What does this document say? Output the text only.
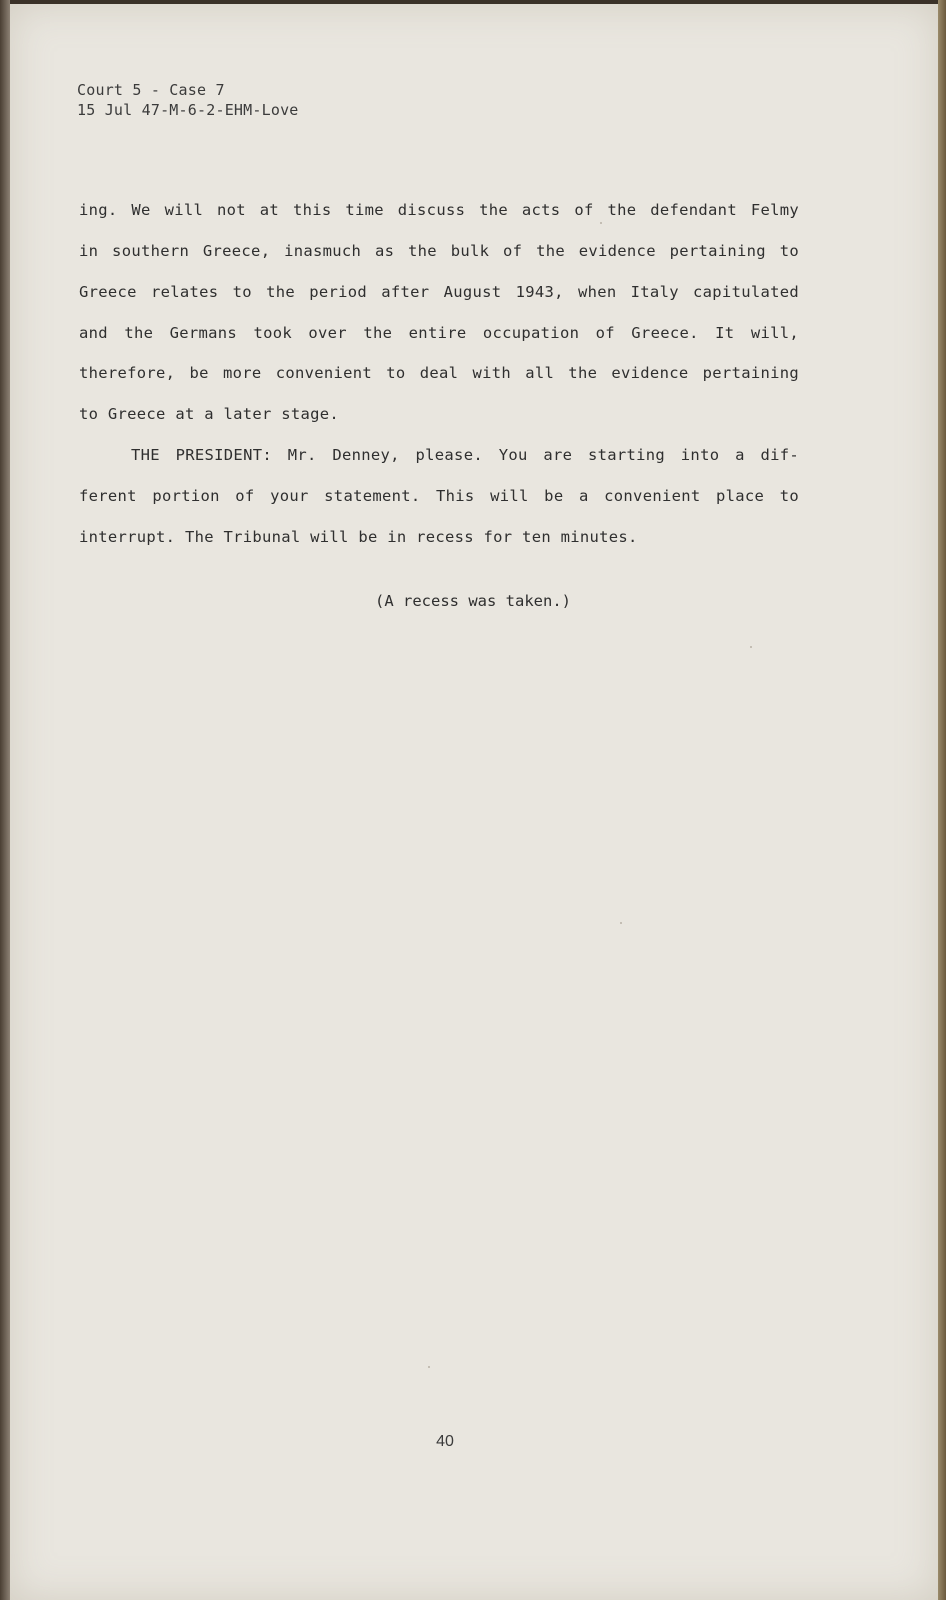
Court 5 - Case 7
15 Jul 47-M-6-2-EHM-Love
ing. We will not at this time discuss the acts of the defendant Felmy
in southern Greece, inasmuch as the bulk of the evidence pertaining to
Greece relates to the period after August 1943, when Italy capitulated
and the Germans took over the entire occupation of Greece. It will,
therefore, be more convenient to deal with all the evidence pertaining
to Greece at a later stage.
THE PRESIDENT: Mr. Denney, please. You are starting into a dif-
ferent portion of your statement. This will be a convenient place to
interrupt. The Tribunal will be in recess for ten minutes.
(A recess was taken.)
40
